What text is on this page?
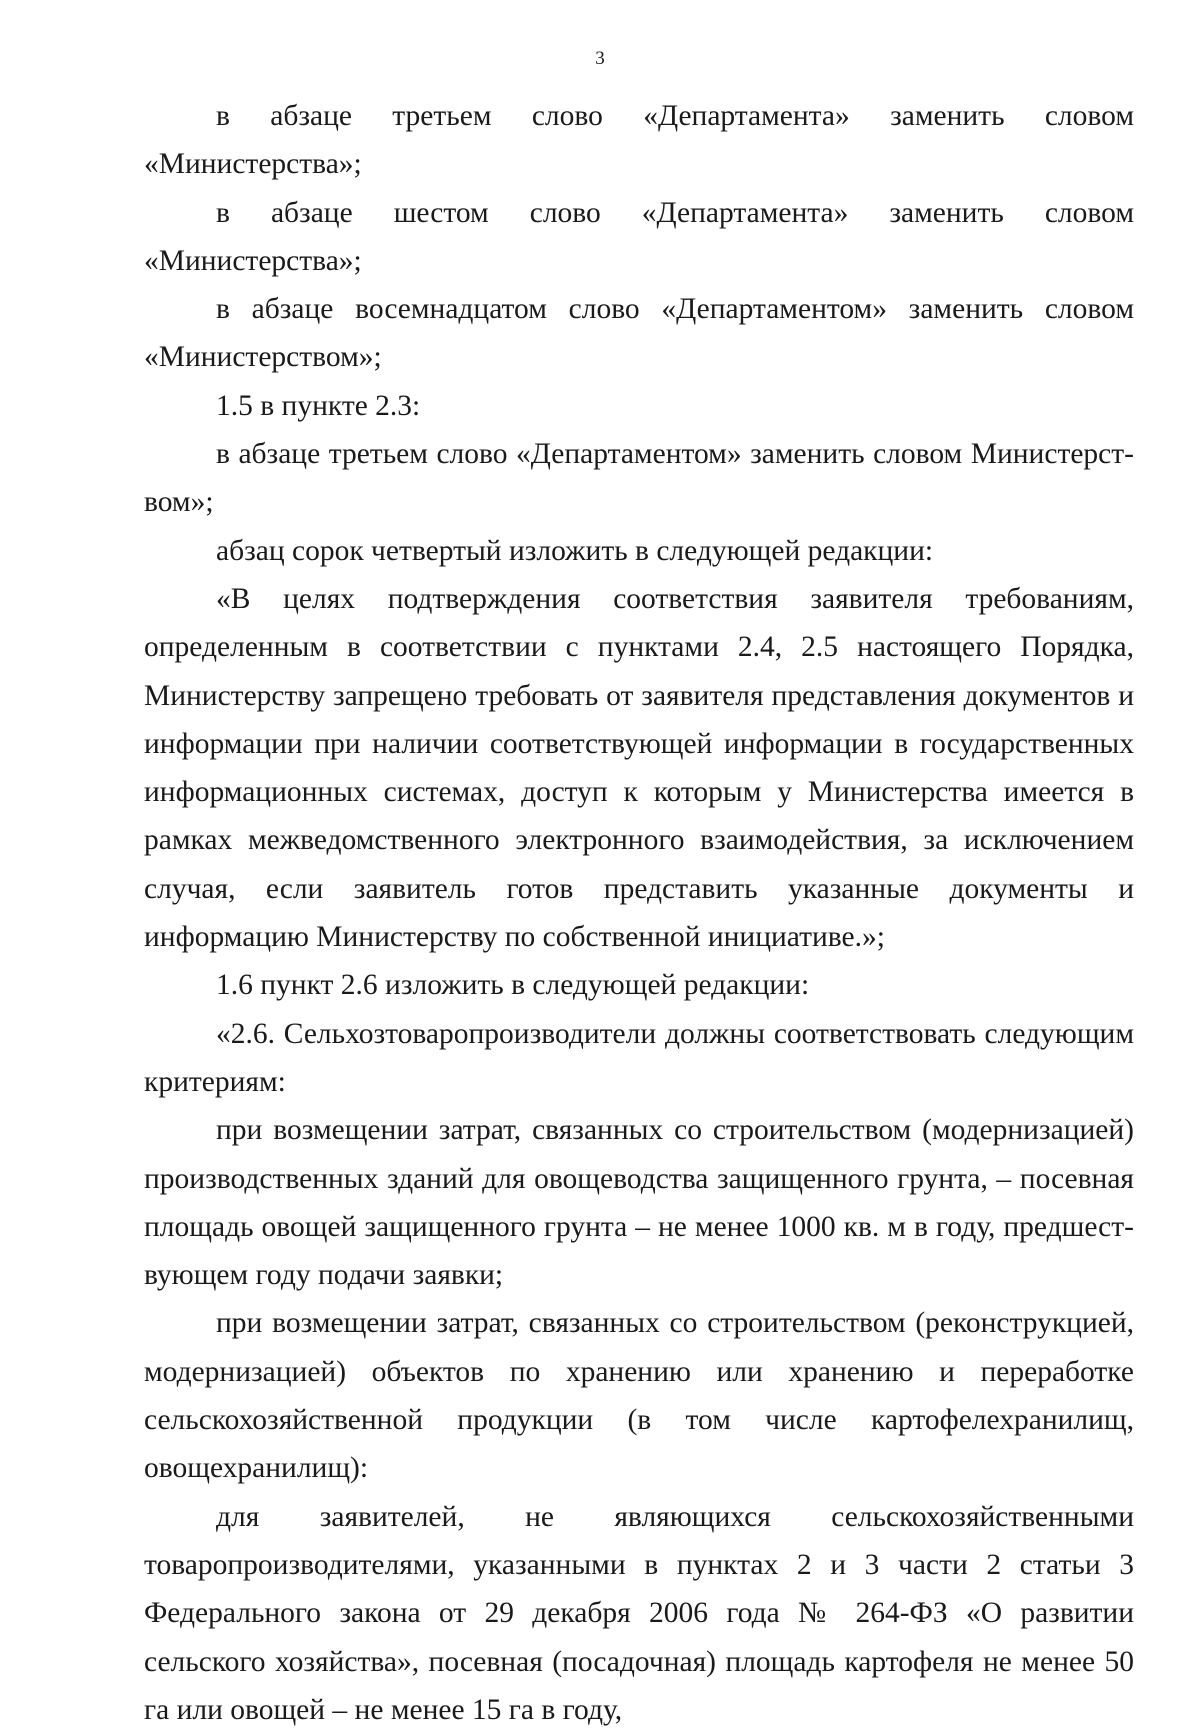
3

в абзаце третьем слово «Департамента» заменить словом «Министерства»;

в абзаце шестом слово «Департамента» заменить словом «Министерства»;

в абзаце восемнадцатом слово «Департаментом» заменить словом «Министерством»;

1.5 в пункте 2.3:

в абзаце третьем слово «Департаментом» заменить словом Министерством»;

абзац сорок четвертый изложить в следующей редакции:

«В целях подтверждения соответствия заявителя требованиям, определенным в соответствии с пунктами 2.4, 2.5 настоящего Порядка, Министерству запрещено требовать от заявителя представления документов и информации при наличии соответствующей информации в государственных информационных системах, доступ к которым у Министерства имеется в рамках межведомственного электронного взаимодействия, за исключением случая, если заявитель готов представить указанные документы и информацию Министерству по собственной инициативе.»;

1.6 пункт 2.6 изложить в следующей редакции:

«2.6. Сельхозтоваропроизводители должны соответствовать следующим критериям:

при возмещении затрат, связанных со строительством (модернизацией) производственных зданий для овощеводства защищенного грунта, – посевная площадь овощей защищенного грунта – не менее 1000 кв. м в году, предшествующем году подачи заявки;

при возмещении затрат, связанных со строительством (реконструкцией, модернизацией) объектов по хранению или хранению и переработке сельскохозяйственной продукции (в том числе картофелехранилищ, овощехранилищ):

для заявителей, не являющихся сельскохозяйственными товаропроизводителями, указанными в пунктах 2 и 3 части 2 статьи 3 Федерального закона от 29 декабря 2006 года № 264-ФЗ «О развитии сельского хозяйства», посевная (посадочная) площадь картофеля не менее 50 га или овощей – не менее 15 га в году,
